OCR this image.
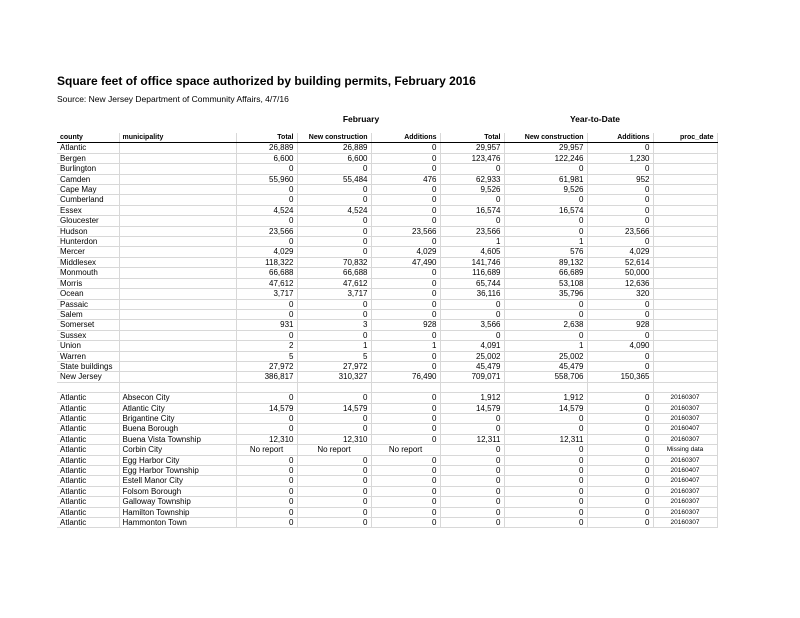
Square feet of office space authorized by building permits, February 2016
Source: New Jersey Department of Community Affairs, 4/7/16
February	Year-to-Date
county	municipality	Total	New construction	Additions	Total	New construction	Additions	proc_date
Atlantic		26,889	26,889	0	29,957	29,957	0	
Bergen		6,600	6,600	0	123,476	122,246	1,230	
Burlington		0	0	0	0	0	0	
Camden		55,960	55,484	476	62,933	61,981	952	
Cape May		0	0	0	9,526	9,526	0	
Cumberland		0	0	0	0	0	0	
Essex		4,524	4,524	0	16,574	16,574	0	
Gloucester		0	0	0	0	0	0	
Hudson		23,566	0	23,566	23,566	0	23,566	
Hunterdon		0	0	0	1	1	0	
Mercer		4,029	0	4,029	4,605	576	4,029	
Middlesex		118,322	70,832	47,490	141,746	89,132	52,614	
Monmouth		66,688	66,688	0	116,689	66,689	50,000	
Morris		47,612	47,612	0	65,744	53,108	12,636	
Ocean		3,717	3,717	0	36,116	35,796	320	
Passaic		0	0	0	0	0	0	
Salem		0	0	0	0	0	0	
Somerset		931	3	928	3,566	2,638	928	
Sussex		0	0	0	0	0	0	
Union		2	1	1	4,091	1	4,090	
Warren		5	5	0	25,002	25,002	0	
State buildings		27,972	27,972	0	45,479	45,479	0	
New Jersey		386,817	310,327	76,490	709,071	558,706	150,365	

Atlantic	Absecon City	0	0	0	1,912	1,912	0	20160307
Atlantic	Atlantic City	14,579	14,579	0	14,579	14,579	0	20160307
Atlantic	Brigantine City	0	0	0	0	0	0	20160307
Atlantic	Buena Borough	0	0	0	0	0	0	20160407
Atlantic	Buena Vista Township	12,310	12,310	0	12,311	12,311	0	20160307
Atlantic	Corbin City	No report	No report	No report	0	0	0	Missing data
Atlantic	Egg Harbor City	0	0	0	0	0	0	20160307
Atlantic	Egg Harbor Township	0	0	0	0	0	0	20160407
Atlantic	Estell Manor City	0	0	0	0	0	0	20160407
Atlantic	Folsom Borough	0	0	0	0	0	0	20160307
Atlantic	Galloway Township	0	0	0	0	0	0	20160307
Atlantic	Hamilton Township	0	0	0	0	0	0	20160307
Atlantic	Hammonton Town	0	0	0	0	0	0	20160307
